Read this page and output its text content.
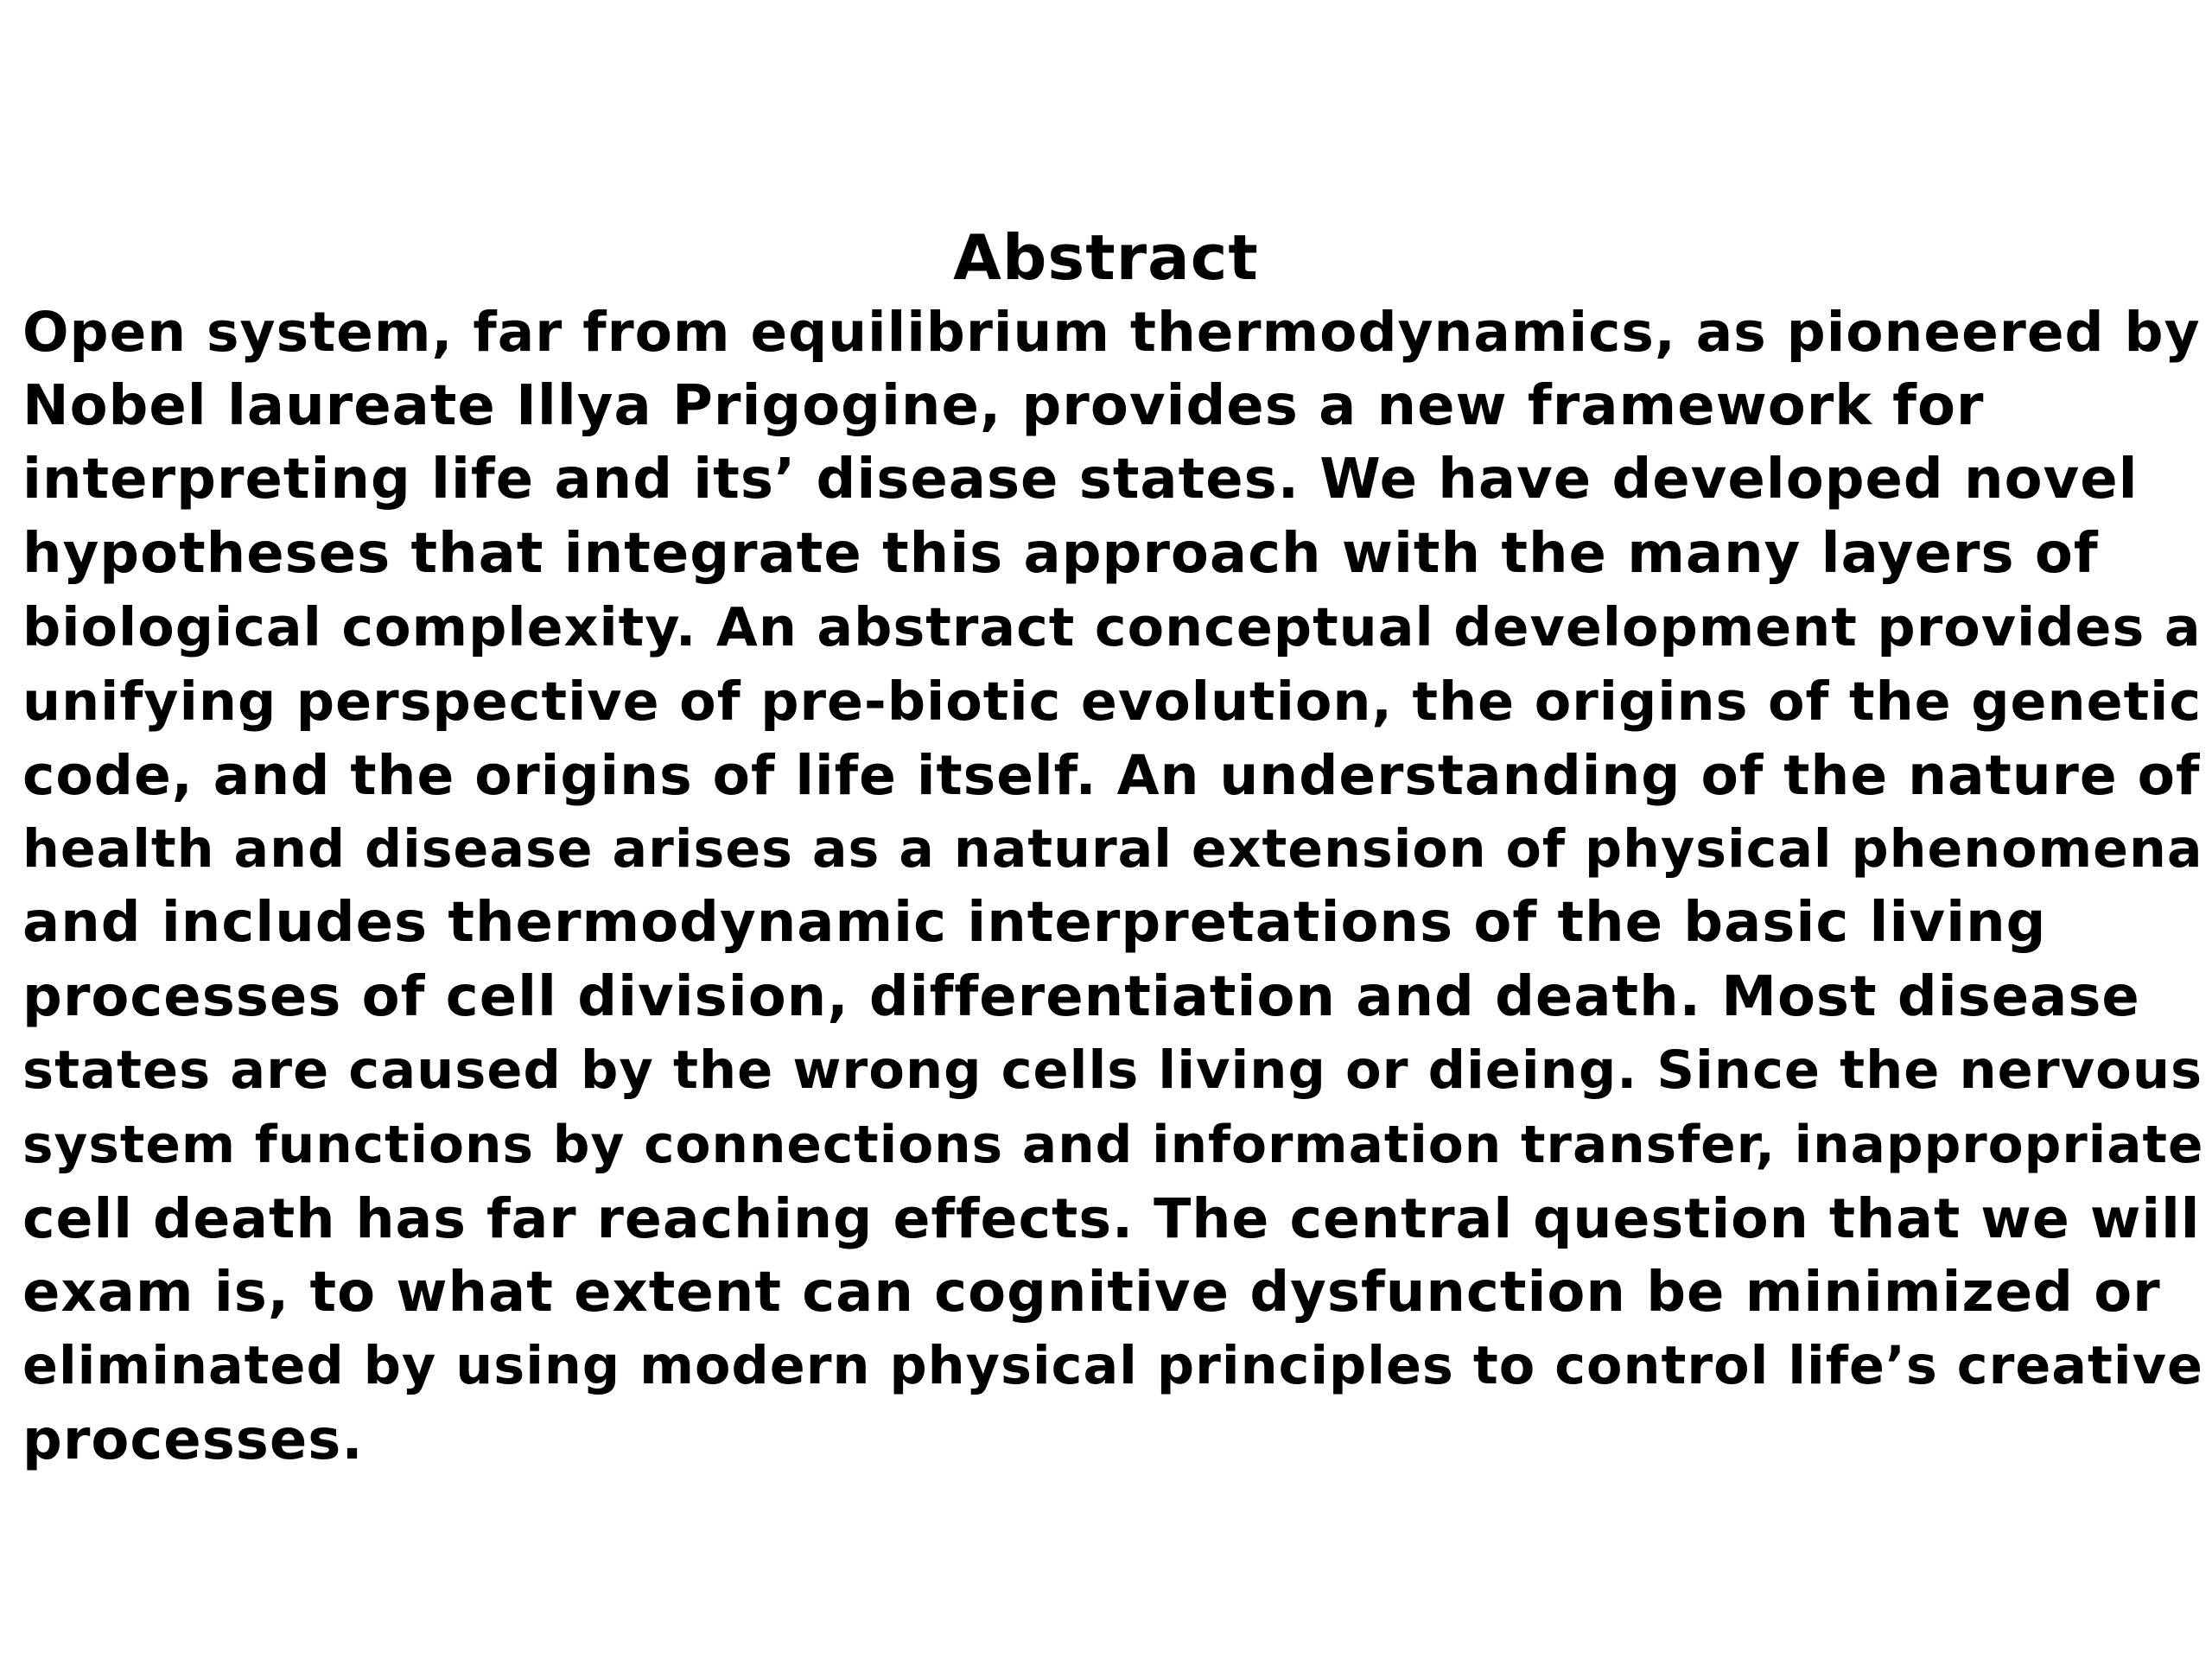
Abstract
Open system, far from equilibrium thermodynamics, as pioneered by
Nobel laureate Illya Prigogine, provides a new framework for
interpreting life and its’ disease states. We have developed novel
hypotheses that integrate this approach with the many layers of
biological complexity. An abstract conceptual development provides a
unifying perspective of pre-biotic evolution, the origins of the genetic
code, and the origins of life itself. An understanding of the nature of
health and disease arises as a natural extension of physical phenomena
and includes thermodynamic interpretations of the basic living
processes of cell division, differentiation and death. Most disease
states are caused by the wrong cells living or dieing. Since the nervous
system functions by connections and information transfer, inappropriate
cell death has far reaching effects. The central question that we will
exam is, to what extent can cognitive dysfunction be minimized or
eliminated by using modern physical principles to control life’s creative
processes.
